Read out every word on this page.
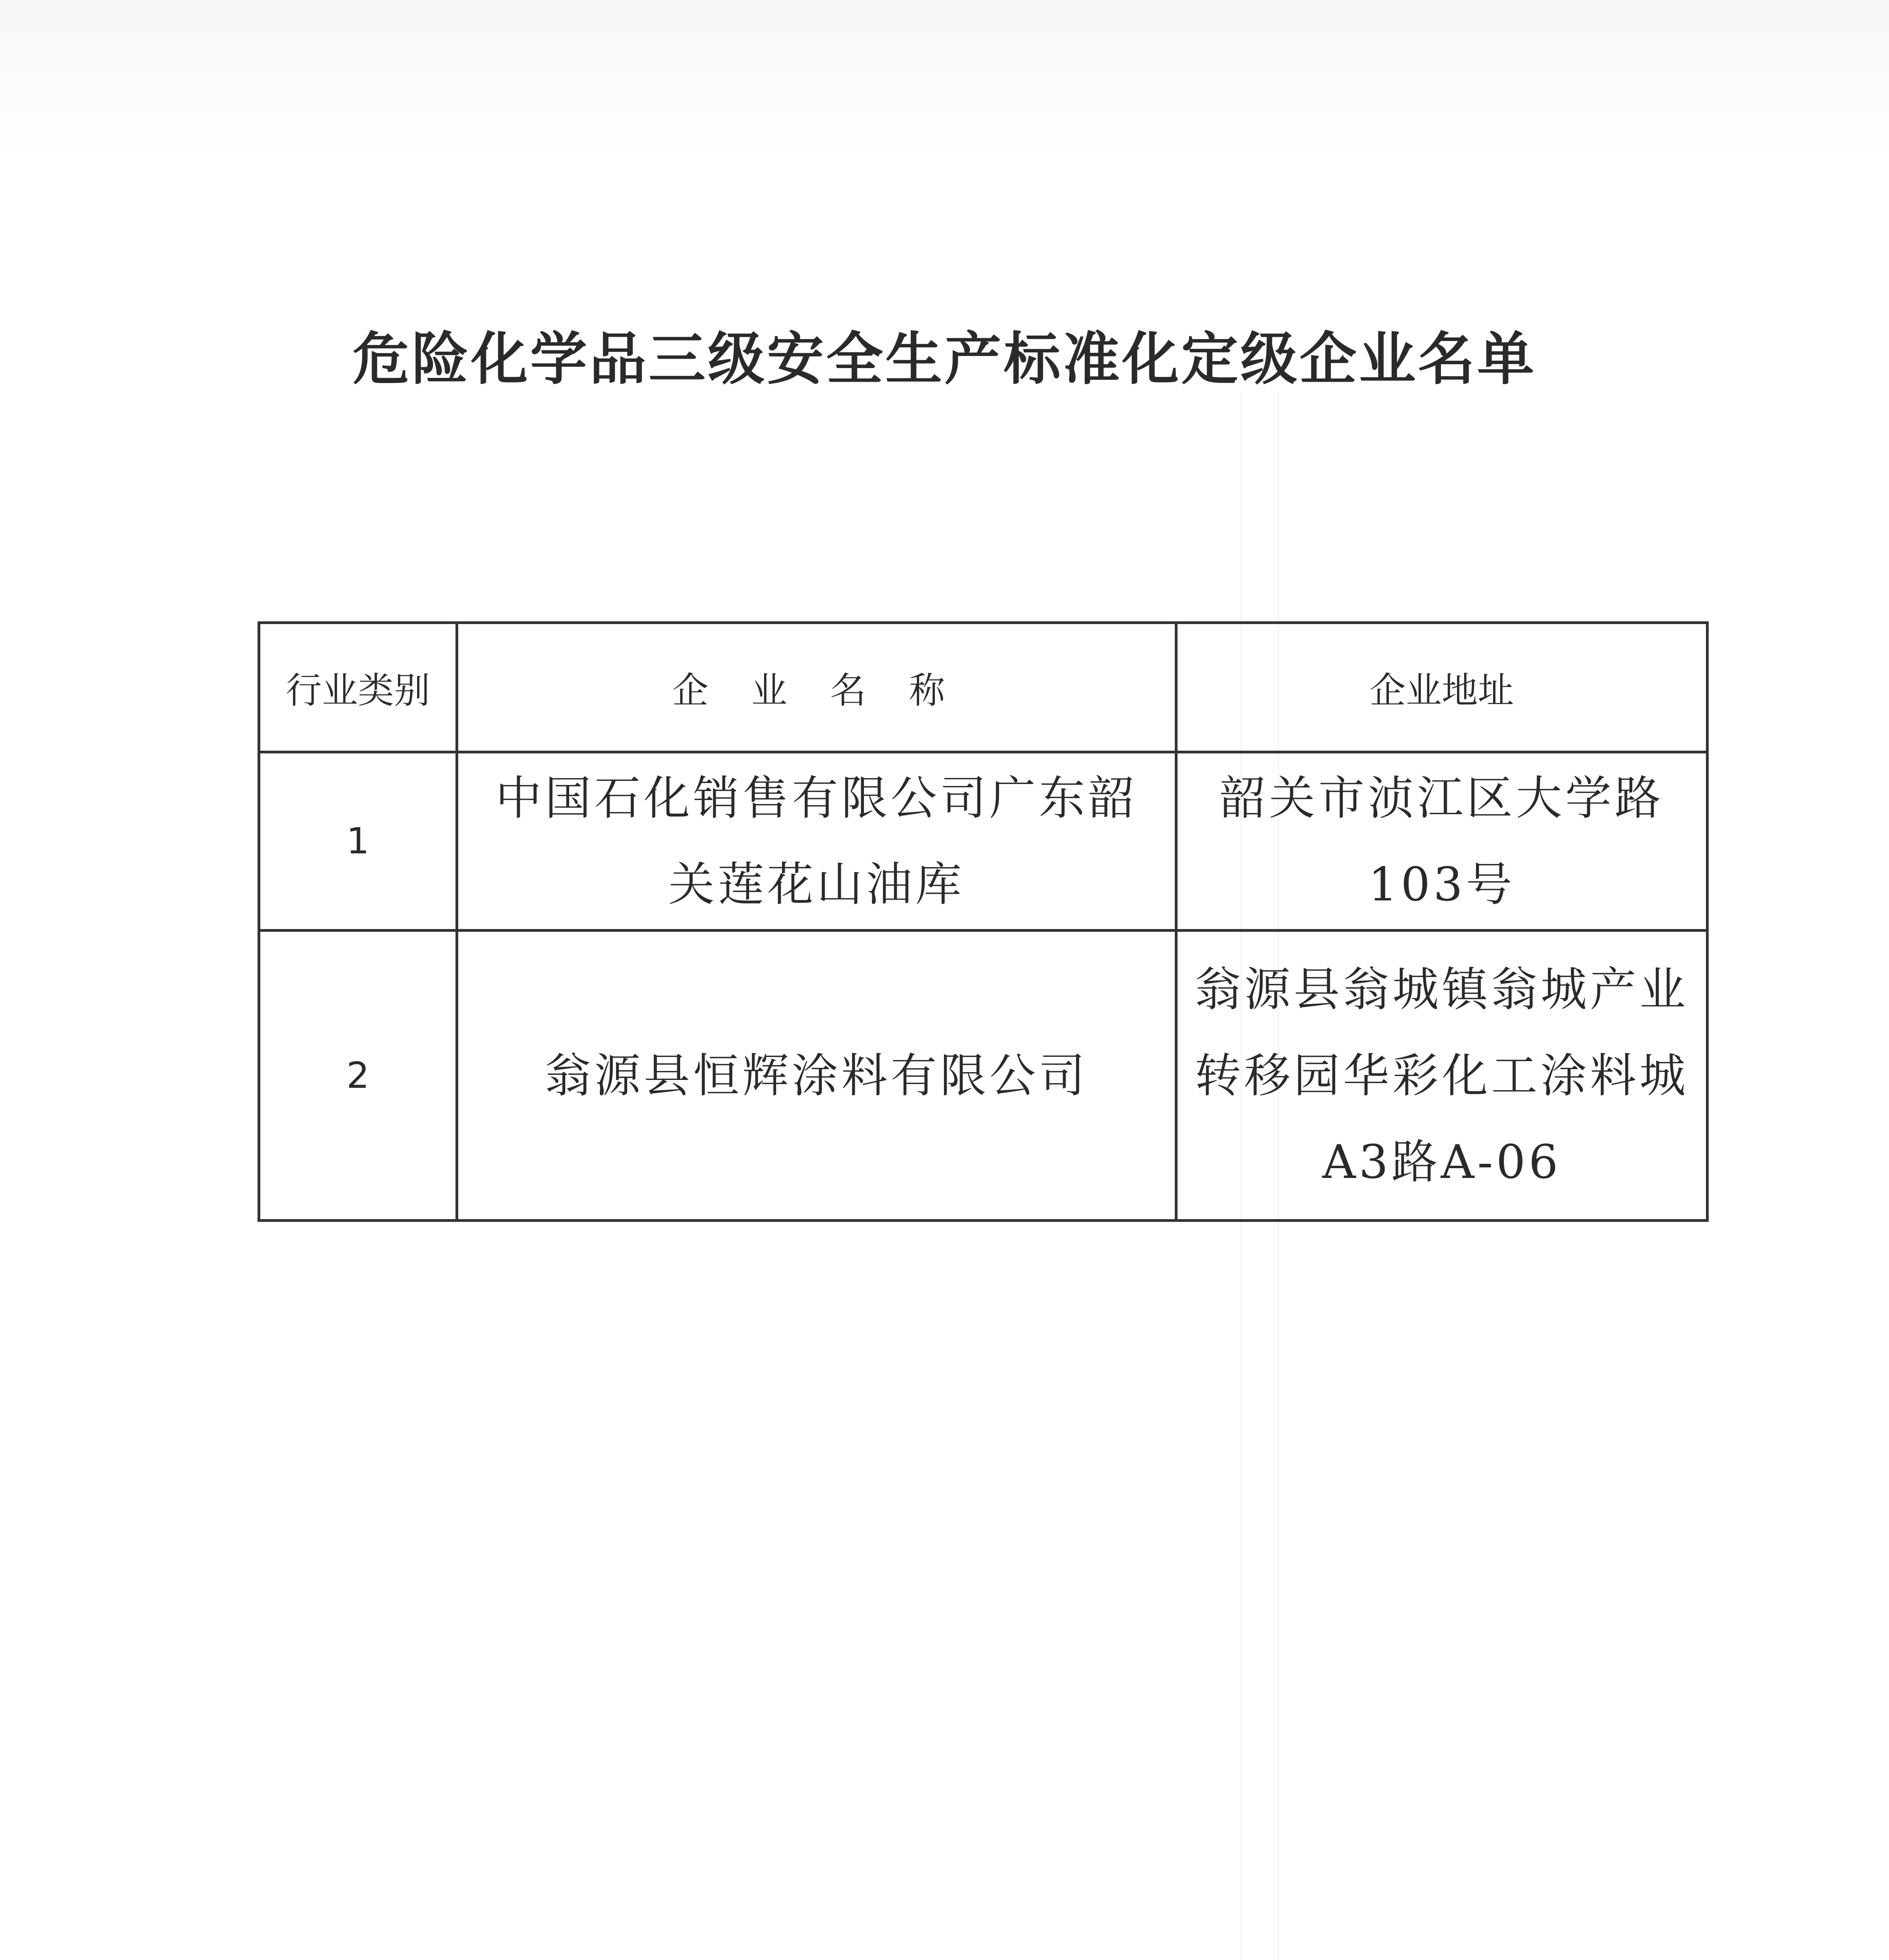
危险化学品三级安全生产标准化定级企业名单
行业类别	企 业 名 称	企业地址
1	中国石化销售有限公司广东韶关莲花山油库	韶关市浈江区大学路103号
2	翁源县恒辉涂料有限公司	翁源县翁城镇翁城产业转移园华彩化工涂料城A3路A-06
